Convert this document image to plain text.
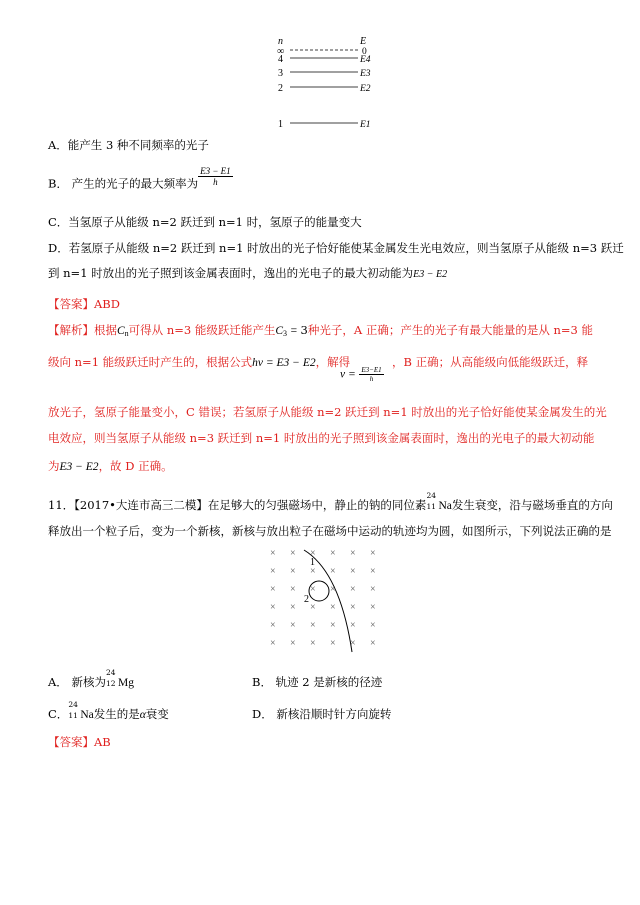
n	E
∞	0
4	E4
3	E3
2	E2
1	E1
A．能产生 3 种不同频率的光子
B． 产生的光子的最大频率为 $\frac{E3 - E1}{h}$
C．当氢原子从能级 n=2 跃迁到 n=1 时，氢原子的能量变大
D．若氢原子从能级 n=2 跃迁到 n=1 时放出的光子恰好能使某金属发生光电效应，则当氢原子从能级 n=3 跃迁
到 n=1 时放出的光子照到该金属表面时，逸出的光电子的最大初动能为E3 − E2
【答案】ABD
【解析】根据$C_n$可得从 n=3 能级跃迁能产生$C_3 = 3$种光子，A 正确；产生的光子有最大能量的是从 n=3 能
级向 n=1 能级跃迁时产生的，根据公式hν = E3 − E2，解得
$v = \frac{E3-E1}{h}$
，B 正确；从高能级向低能级跃迁，释
放光子，氢原子能量变小，C 错误；若氢原子从能级 n=2 跃迁到 n=1 时放出的光子恰好能使某金属发生的光
电效应，则当氢原子从能级 n=3 跃迁到 n=1 时放出的光子照到该金属表面时，逸出的光电子的最大初动能
为E3 − E2，故 D 正确。
11．【2017•大连市高三二模】在足够大的匀强磁场中，静止的钠的同位素
24
11 Na发生衰变，沿与磁场垂直的方向
释放出一个粒子后，变为一个新核，新核与放出粒子在磁场中运动的轨迹均为圆，如图所示，下列说法正确的是
× × × × × ×
× × × × × ×
× × × × × ×
× × × × × ×
× × × × × ×
× × × × × ×
1
2
A． 新核为
24
12 Mg	B． 轨迹 2 是新核的径迹
C．
24
11 Na发生的是α衰变	D． 新核沿顺时针方向旋转
【答案】AB
